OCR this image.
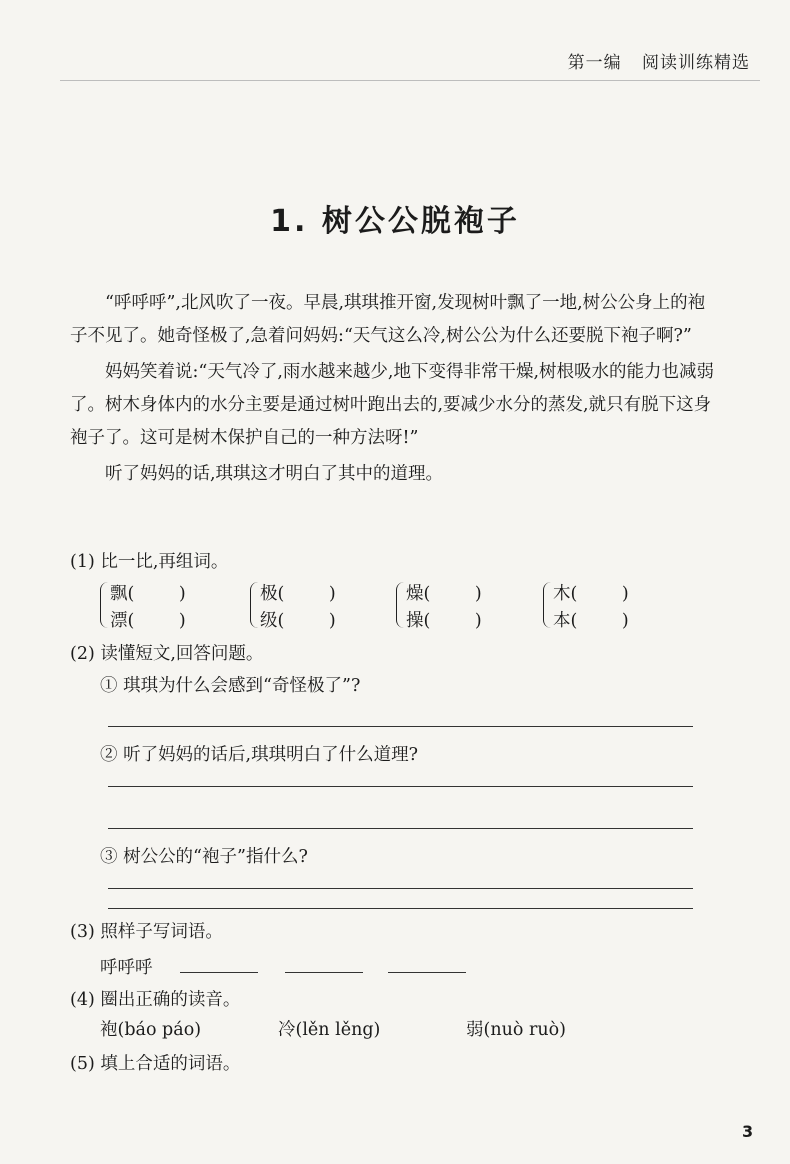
第一编 阅读训练精选
1. 树公公脱袍子

“呼呼呼”,北风吹了一夜。早晨,琪琪推开窗,发现树叶飘了一地,树公公身上的袍子不见了。她奇怪极了,急着问妈妈:“天气这么冷,树公公为什么还要脱下袍子啊?”

妈妈笑着说:“天气冷了,雨水越来越少,地下变得非常干燥,树根吸水的能力也减弱了。树木身体内的水分主要是通过树叶跑出去的,要减少水分的蒸发,就只有脱下这身袍子了。这可是树木保护自己的一种方法呀!”

听了妈妈的话,琪琪这才明白了其中的道理。

(1) 比一比,再组词。
飘(        )
漂(        )
极(        )
级(        )
燥(        )
操(        )
木(        )
本(        )
(2) 读懂短文,回答问题。
① 琪琪为什么会感到“奇怪极了”?
② 听了妈妈的话后,琪琪明白了什么道理?
③ 树公公的“袍子”指什么?
(3) 照样子写词语。
呼呼呼
(4) 圈出正确的读音。
袍(báo páo)	冷(lěn lěng)	弱(nuò ruò)
(5) 填上合适的词语。
3
